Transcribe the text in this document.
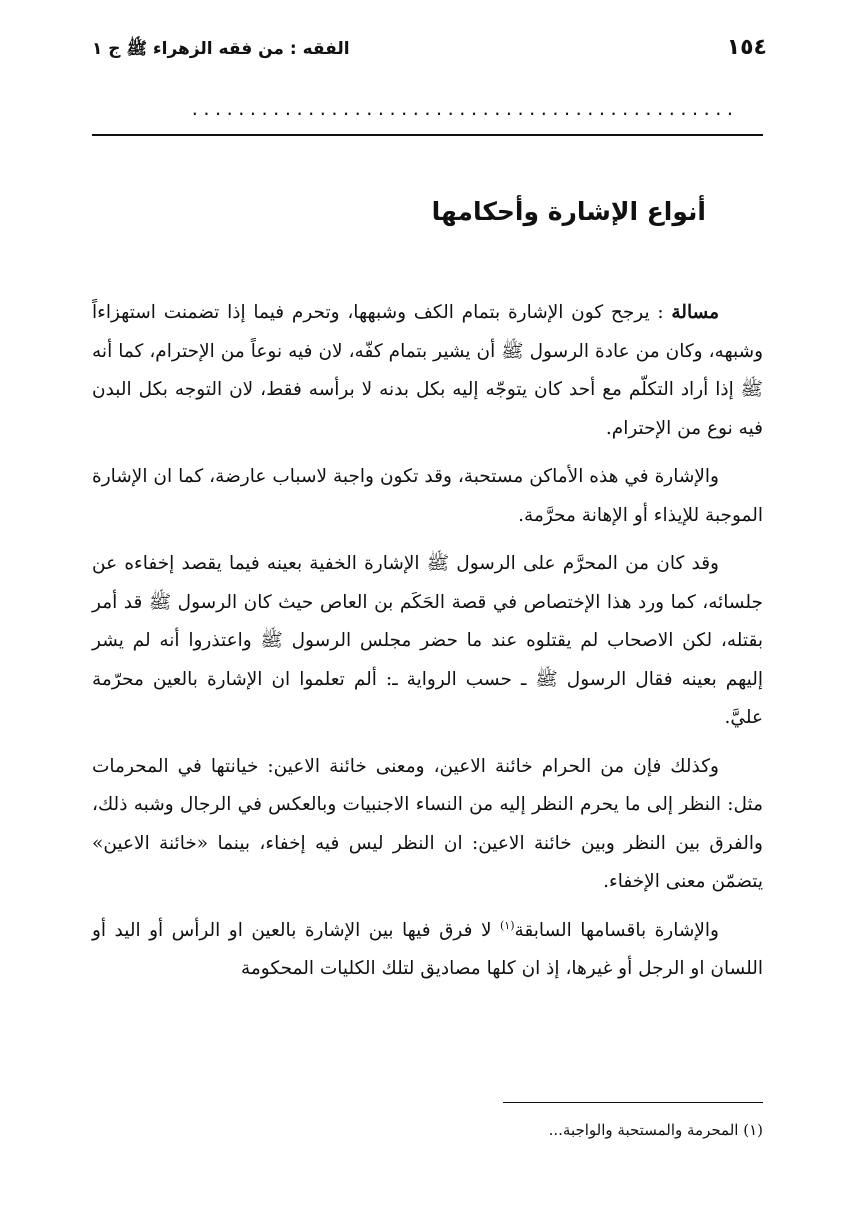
١٥٤
الفقه : من فقه الزهراء ﷺ ج ١
...............................................
أنواع الإشارة وأحكامها

مسالة : يرجح كون الإشارة بتمام الكف وشبهها، وتحرم فيما إذا تضمنت استهزاءاً وشبهه، وكان من عادة الرسول ﷺ أن يشير بتمام كفّه، لان فيه نوعاً من الإحترام، كما أنه ﷺ إذا أراد التكلّم مع أحد كان يتوجّه إليه بكل بدنه لا برأسه فقط، لان التوجه بكل البدن فيه نوع من الإحترام.

والإشارة في هذه الأماكن مستحبة، وقد تكون واجبة لاسباب عارضة، كما ان الإشارة الموجبة للإيذاء أو الإهانة محرَّمة.

وقد كان من المحرَّم على الرسول ﷺ الإشارة الخفية بعينه فيما يقصد إخفاءه عن جلسائه، كما ورد هذا الإختصاص في قصة الحَكَم بن العاص حيث كان الرسول ﷺ قد أمر بقتله، لكن الاصحاب لم يقتلوه عند ما حضر مجلس الرسول ﷺ واعتذروا أنه لم يشر إليهم بعينه فقال الرسول ﷺ ـ حسب الرواية ـ: ألم تعلموا ان الإشارة بالعين محرّمة عليَّ.

وكذلك فإن من الحرام خائنة الاعين، ومعنى خائنة الاعين: خيانتها في المحرمات مثل: النظر إلى ما يحرم النظر إليه من النساء الاجنبيات وبالعكس في الرجال وشبه ذلك، والفرق بين النظر وبين خائنة الاعين: ان النظر ليس فيه إخفاء، بينما «خائنة الاعين» يتضمّن معنى الإخفاء.

والإشارة باقسامها السابقة$^{(١)}$ لا فرق فيها بين الإشارة بالعين او الرأس أو اليد أو اللسان او الرجل أو غيرها، إذ ان كلها مصاديق لتلك الكليات المحكومة

(١) المحرمة والمستحبة والواجبة...
